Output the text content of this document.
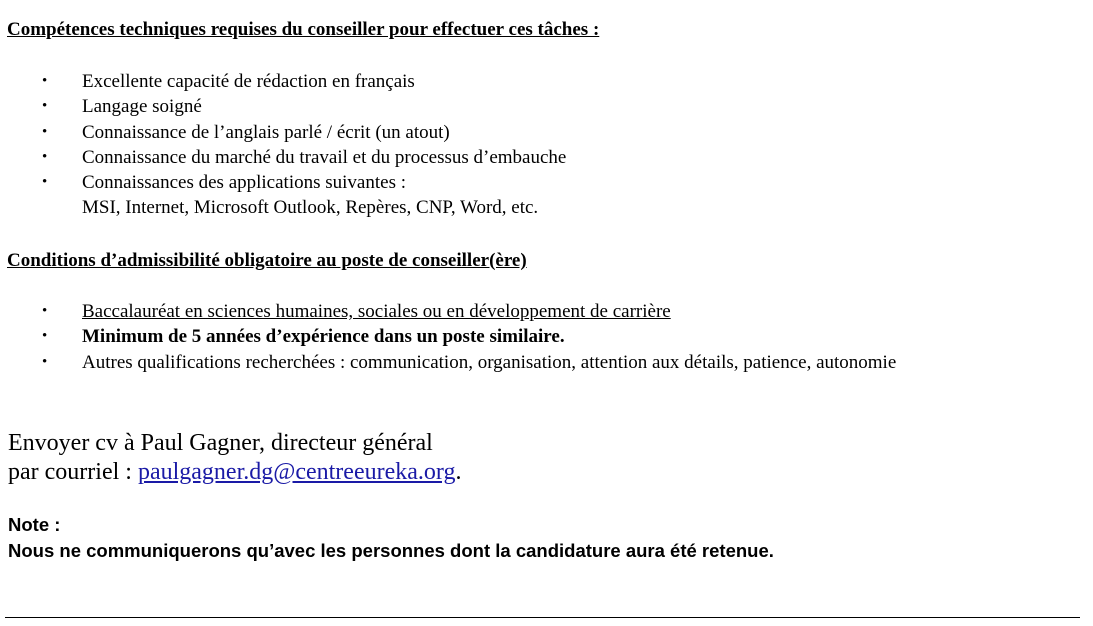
Compétences techniques requises du conseiller pour effectuer ces tâches :
• Excellente capacité de rédaction en français
• Langage soigné
• Connaissance de l’anglais parlé / écrit (un atout)
• Connaissance du marché du travail et du processus d’embauche
• Connaissances des applications suivantes :
MSI, Internet, Microsoft Outlook, Repères, CNP, Word, etc.
Conditions d’admissibilité obligatoire au poste de conseiller(ère)
• Baccalauréat en sciences humaines, sociales ou en développement de carrière
• Minimum de 5 années d’expérience dans un poste similaire.
• Autres qualifications recherchées : communication, organisation, attention aux détails, patience, autonomie
Envoyer cv à Paul Gagner, directeur général
par courriel : paulgagner.dg@centreeureka.org.
Note :
Nous ne communiquerons qu’avec les personnes dont la candidature aura été retenue.
